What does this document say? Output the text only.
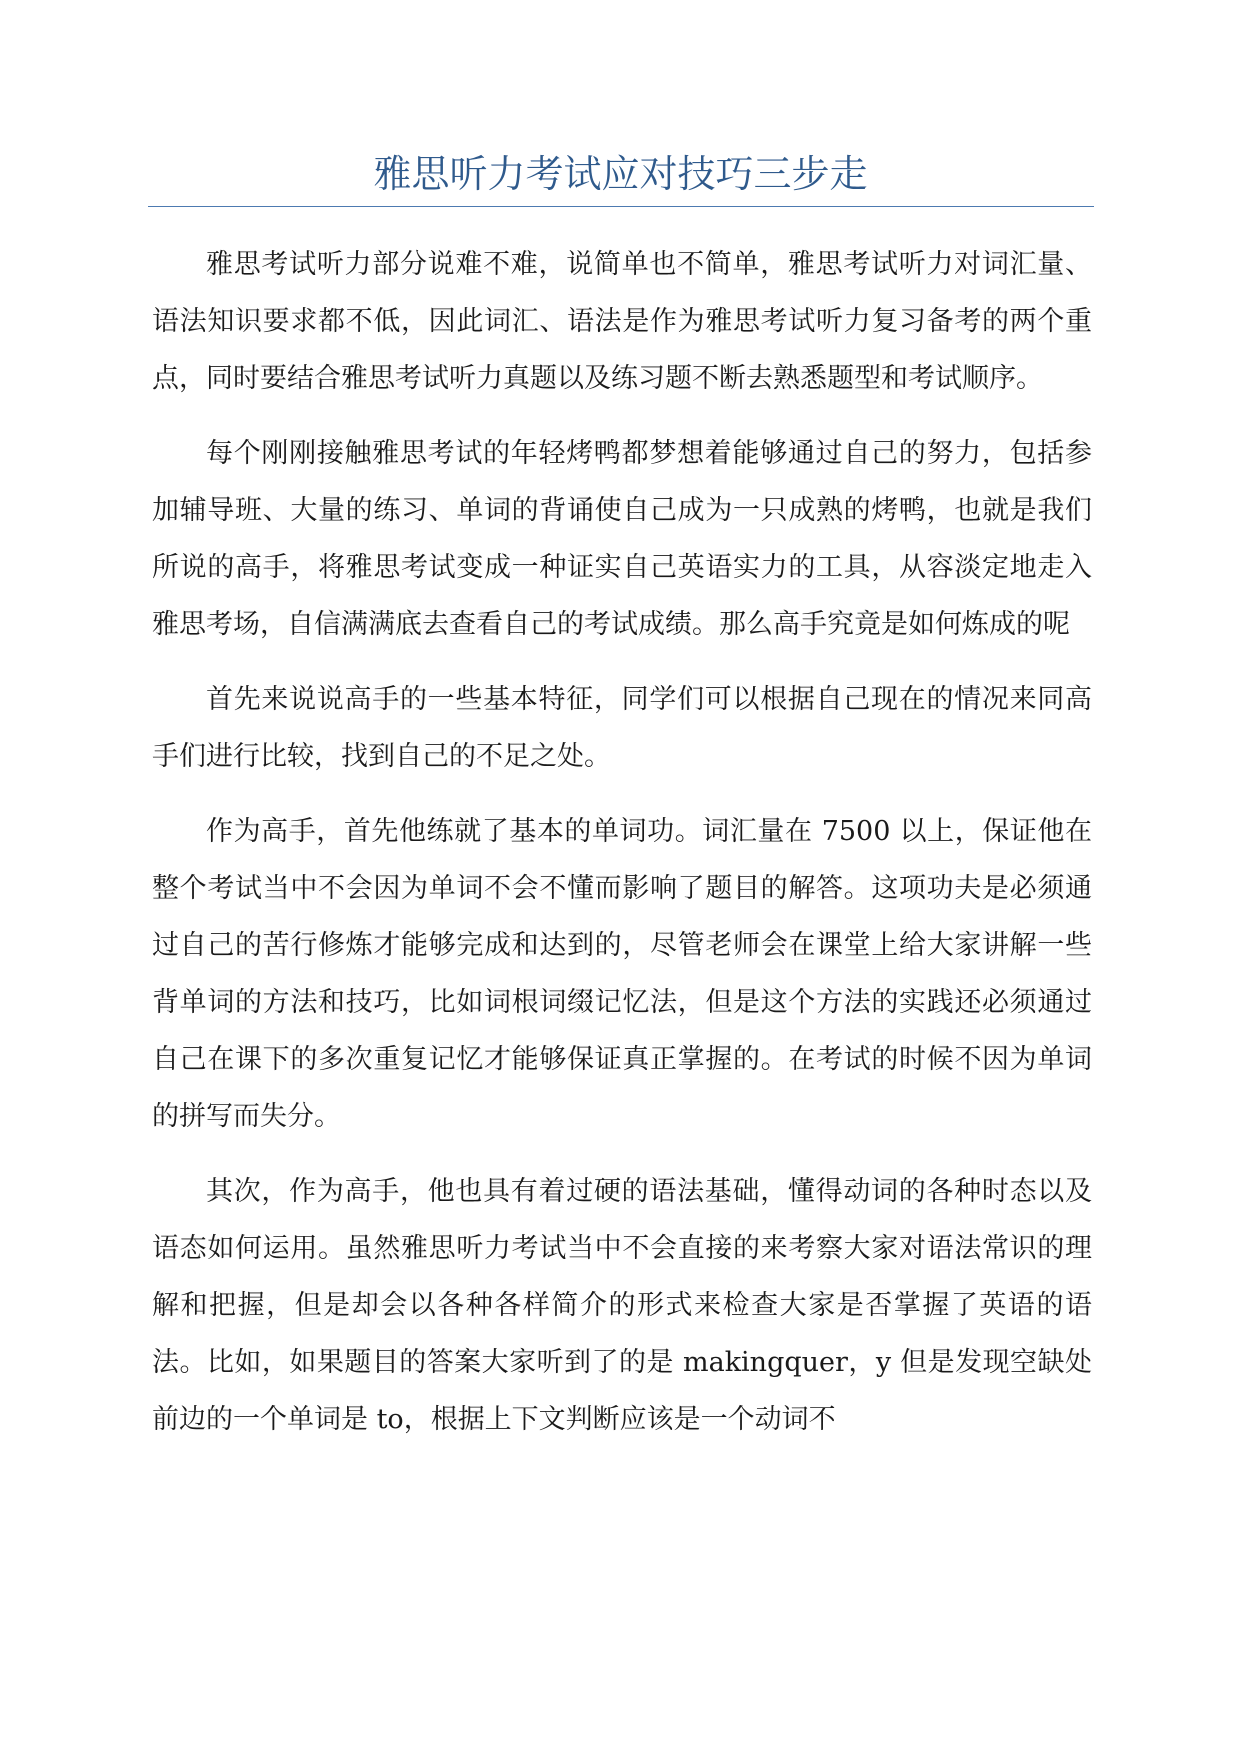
雅思听力考试应对技巧三步走

雅思考试听力部分说难不难，说简单也不简单，雅思考试听力对词汇量、语法知识要求都不低，因此词汇、语法是作为雅思考试听力复习备考的两个重点，同时要结合雅思考试听力真题以及练习题不断去熟悉题型和考试顺序。

每个刚刚接触雅思考试的年轻烤鸭都梦想着能够通过自己的努力，包括参加辅导班、大量的练习、单词的背诵使自己成为一只成熟的烤鸭，也就是我们所说的高手，将雅思考试变成一种证实自己英语实力的工具，从容淡定地走入雅思考场，自信满满底去查看自己的考试成绩。那么高手究竟是如何炼成的呢

首先来说说高手的一些基本特征，同学们可以根据自己现在的情况来同高手们进行比较，找到自己的不足之处。

作为高手，首先他练就了基本的单词功。词汇量在 7500 以上，保证他在整个考试当中不会因为单词不会不懂而影响了题目的解答。这项功夫是必须通过自己的苦行修炼才能够完成和达到的，尽管老师会在课堂上给大家讲解一些背单词的方法和技巧，比如词根词缀记忆法，但是这个方法的实践还必须通过自己在课下的多次重复记忆才能够保证真正掌握的。在考试的时候不因为单词的拼写而失分。

其次，作为高手，他也具有着过硬的语法基础，懂得动词的各种时态以及语态如何运用。虽然雅思听力考试当中不会直接的来考察大家对语法常识的理解和把握，但是却会以各种各样简介的形式来检查大家是否掌握了英语的语法。比如，如果题目的答案大家听到了的是 makingquer，y 但是发现空缺处前边的一个单词是 to，根据上下文判断应该是一个动词不
